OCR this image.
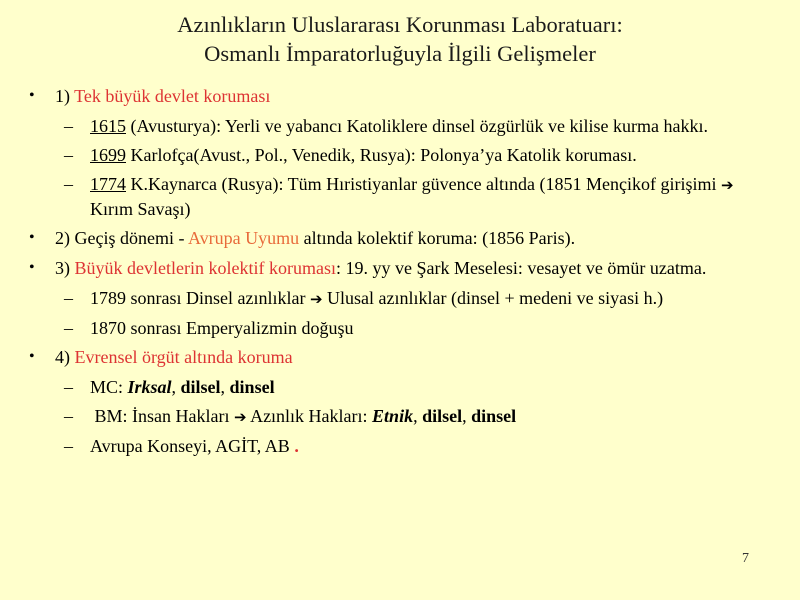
Azınlıkların Uluslararası Korunması Laboratuarı:
Osmanlı İmparatorluğuyla İlgili Gelişmeler
• 1) Tek büyük devlet koruması
– 1615 (Avusturya): Yerli ve yabancı Katoliklere dinsel özgürlük ve kilise kurma hakkı.
– 1699 Karlofça(Avust., Pol., Venedik, Rusya): Polonya’ya Katolik koruması.
– 1774 K.Kaynarca (Rusya): Tüm Hıristiyanlar güvence altında (1851 Mençikof girişimi ➔ Kırım Savaşı)
• 2) Geçiş dönemi - Avrupa Uyumu altında kolektif koruma: (1856 Paris).
• 3) Büyük devletlerin kolektif koruması: 19. yy ve Şark Meselesi: vesayet ve ömür uzatma.
– 1789 sonrası Dinsel azınlıklar ➔ Ulusal azınlıklar (dinsel + medeni ve siyasi h.)
– 1870 sonrası Emperyalizmin doğuşu
• 4) Evrensel örgüt altında koruma
– MC: Irksal, dilsel, dinsel
– BM: İnsan Hakları ➔ Azınlık Hakları: Etnik, dilsel, dinsel
– Avrupa Konseyi, AGİT, AB .
7
